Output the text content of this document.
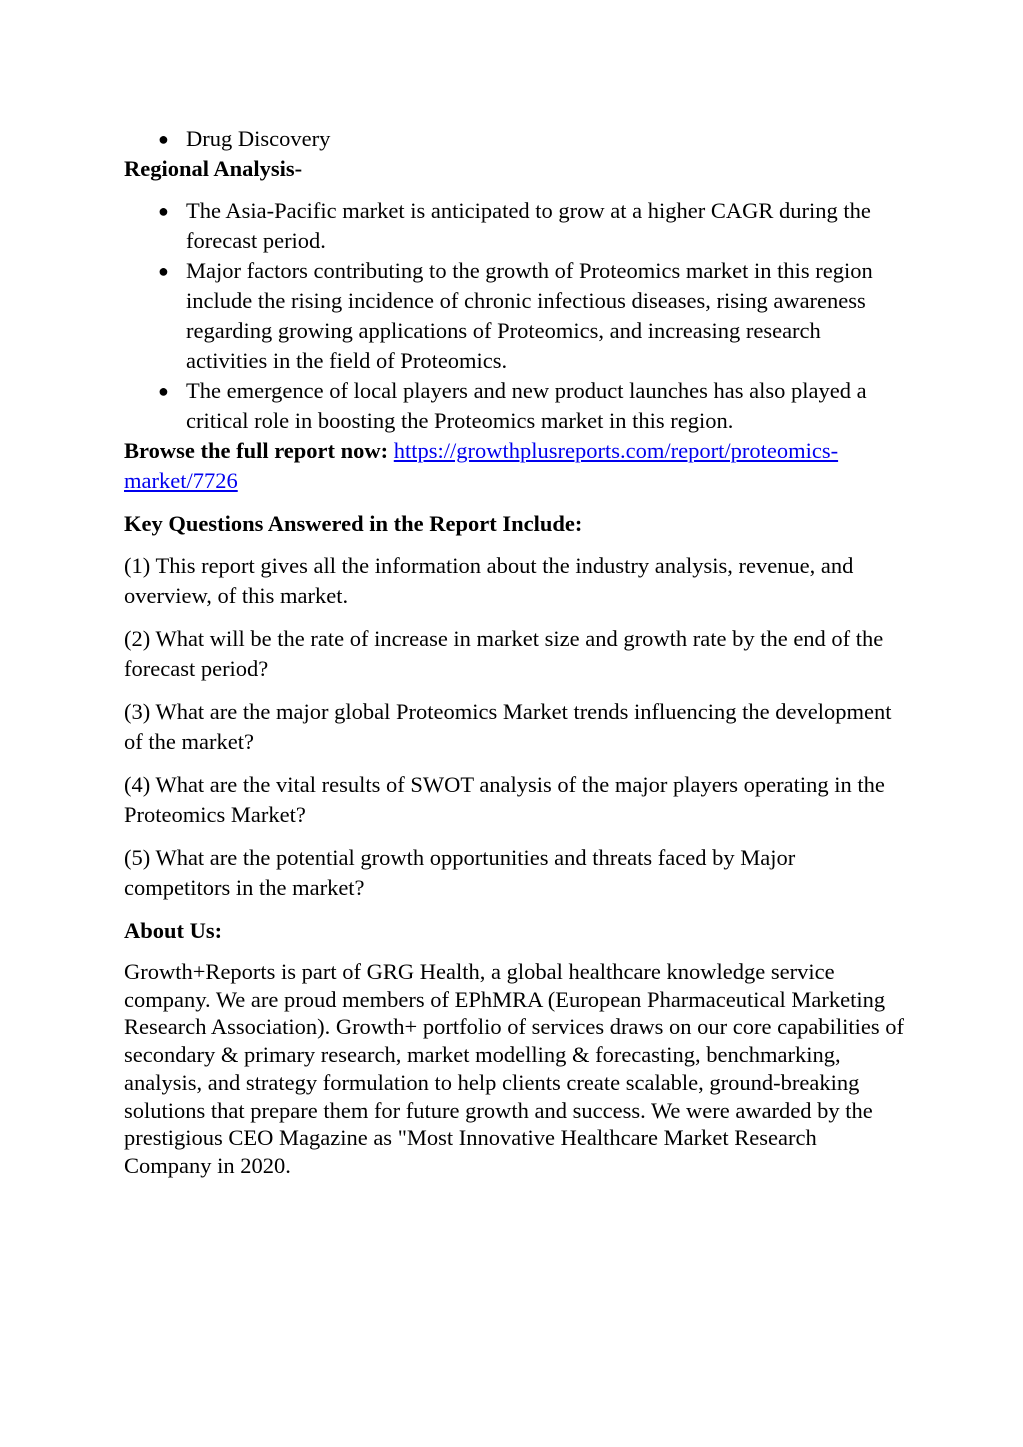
● Drug Discovery

Regional Analysis-

● The Asia-Pacific market is anticipated to grow at a higher CAGR during the forecast period.
● Major factors contributing to the growth of Proteomics market in this region include the rising incidence of chronic infectious diseases, rising awareness regarding growing applications of Proteomics, and increasing research activities in the field of Proteomics.
● The emergence of local players and new product launches has also played a critical role in boosting the Proteomics market in this region.

Browse the full report now: https://growthplusreports.com/report/proteomics-market/7726

Key Questions Answered in the Report Include:

(1) This report gives all the information about the industry analysis, revenue, and overview, of this market.

(2) What will be the rate of increase in market size and growth rate by the end of the forecast period?

(3) What are the major global Proteomics Market trends influencing the development of the market?

(4) What are the vital results of SWOT analysis of the major players operating in the Proteomics Market?

(5) What are the potential growth opportunities and threats faced by Major competitors in the market?

About Us:

Growth+Reports is part of GRG Health, a global healthcare knowledge service company. We are proud members of EPhMRA (European Pharmaceutical Marketing Research Association). Growth+ portfolio of services draws on our core capabilities of secondary & primary research, market modelling & forecasting, benchmarking, analysis, and strategy formulation to help clients create scalable, ground-breaking solutions that prepare them for future growth and success. We were awarded by the prestigious CEO Magazine as "Most Innovative Healthcare Market Research Company in 2020.
